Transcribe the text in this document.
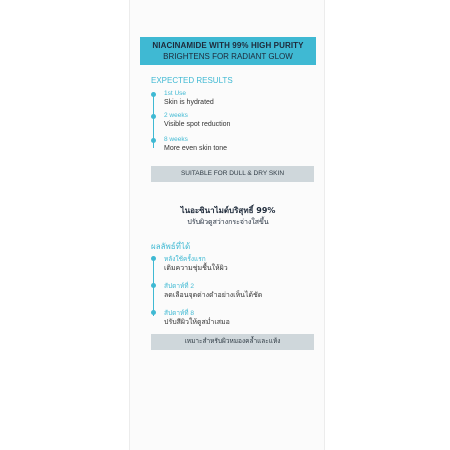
NIACINAMIDE WITH 99% HIGH PURITY
BRIGHTENS FOR RADIANT GLOW
EXPECTED RESULTS
1st Use
Skin is hydrated
2 weeks
Visible spot reduction
8 weeks
More even skin tone
SUITABLE FOR DULL & DRY SKIN
ไนอะซินาไมด์บริสุทธิ์ 99%
ปรับผิวดูสว่างกระจ่างใสขึ้น
ผลลัพธ์ที่ได้
หลังใช้ครั้งแรก
เติมความชุ่มชื้นให้ผิว
สัปดาห์ที่ 2
ลดเลือนจุดด่างดำอย่างเห็นได้ชัด
สัปดาห์ที่ 8
ปรับสีผิวให้ดูสม่ำเสมอ
เหมาะสำหรับผิวหมองคล้ำและแห้ง
